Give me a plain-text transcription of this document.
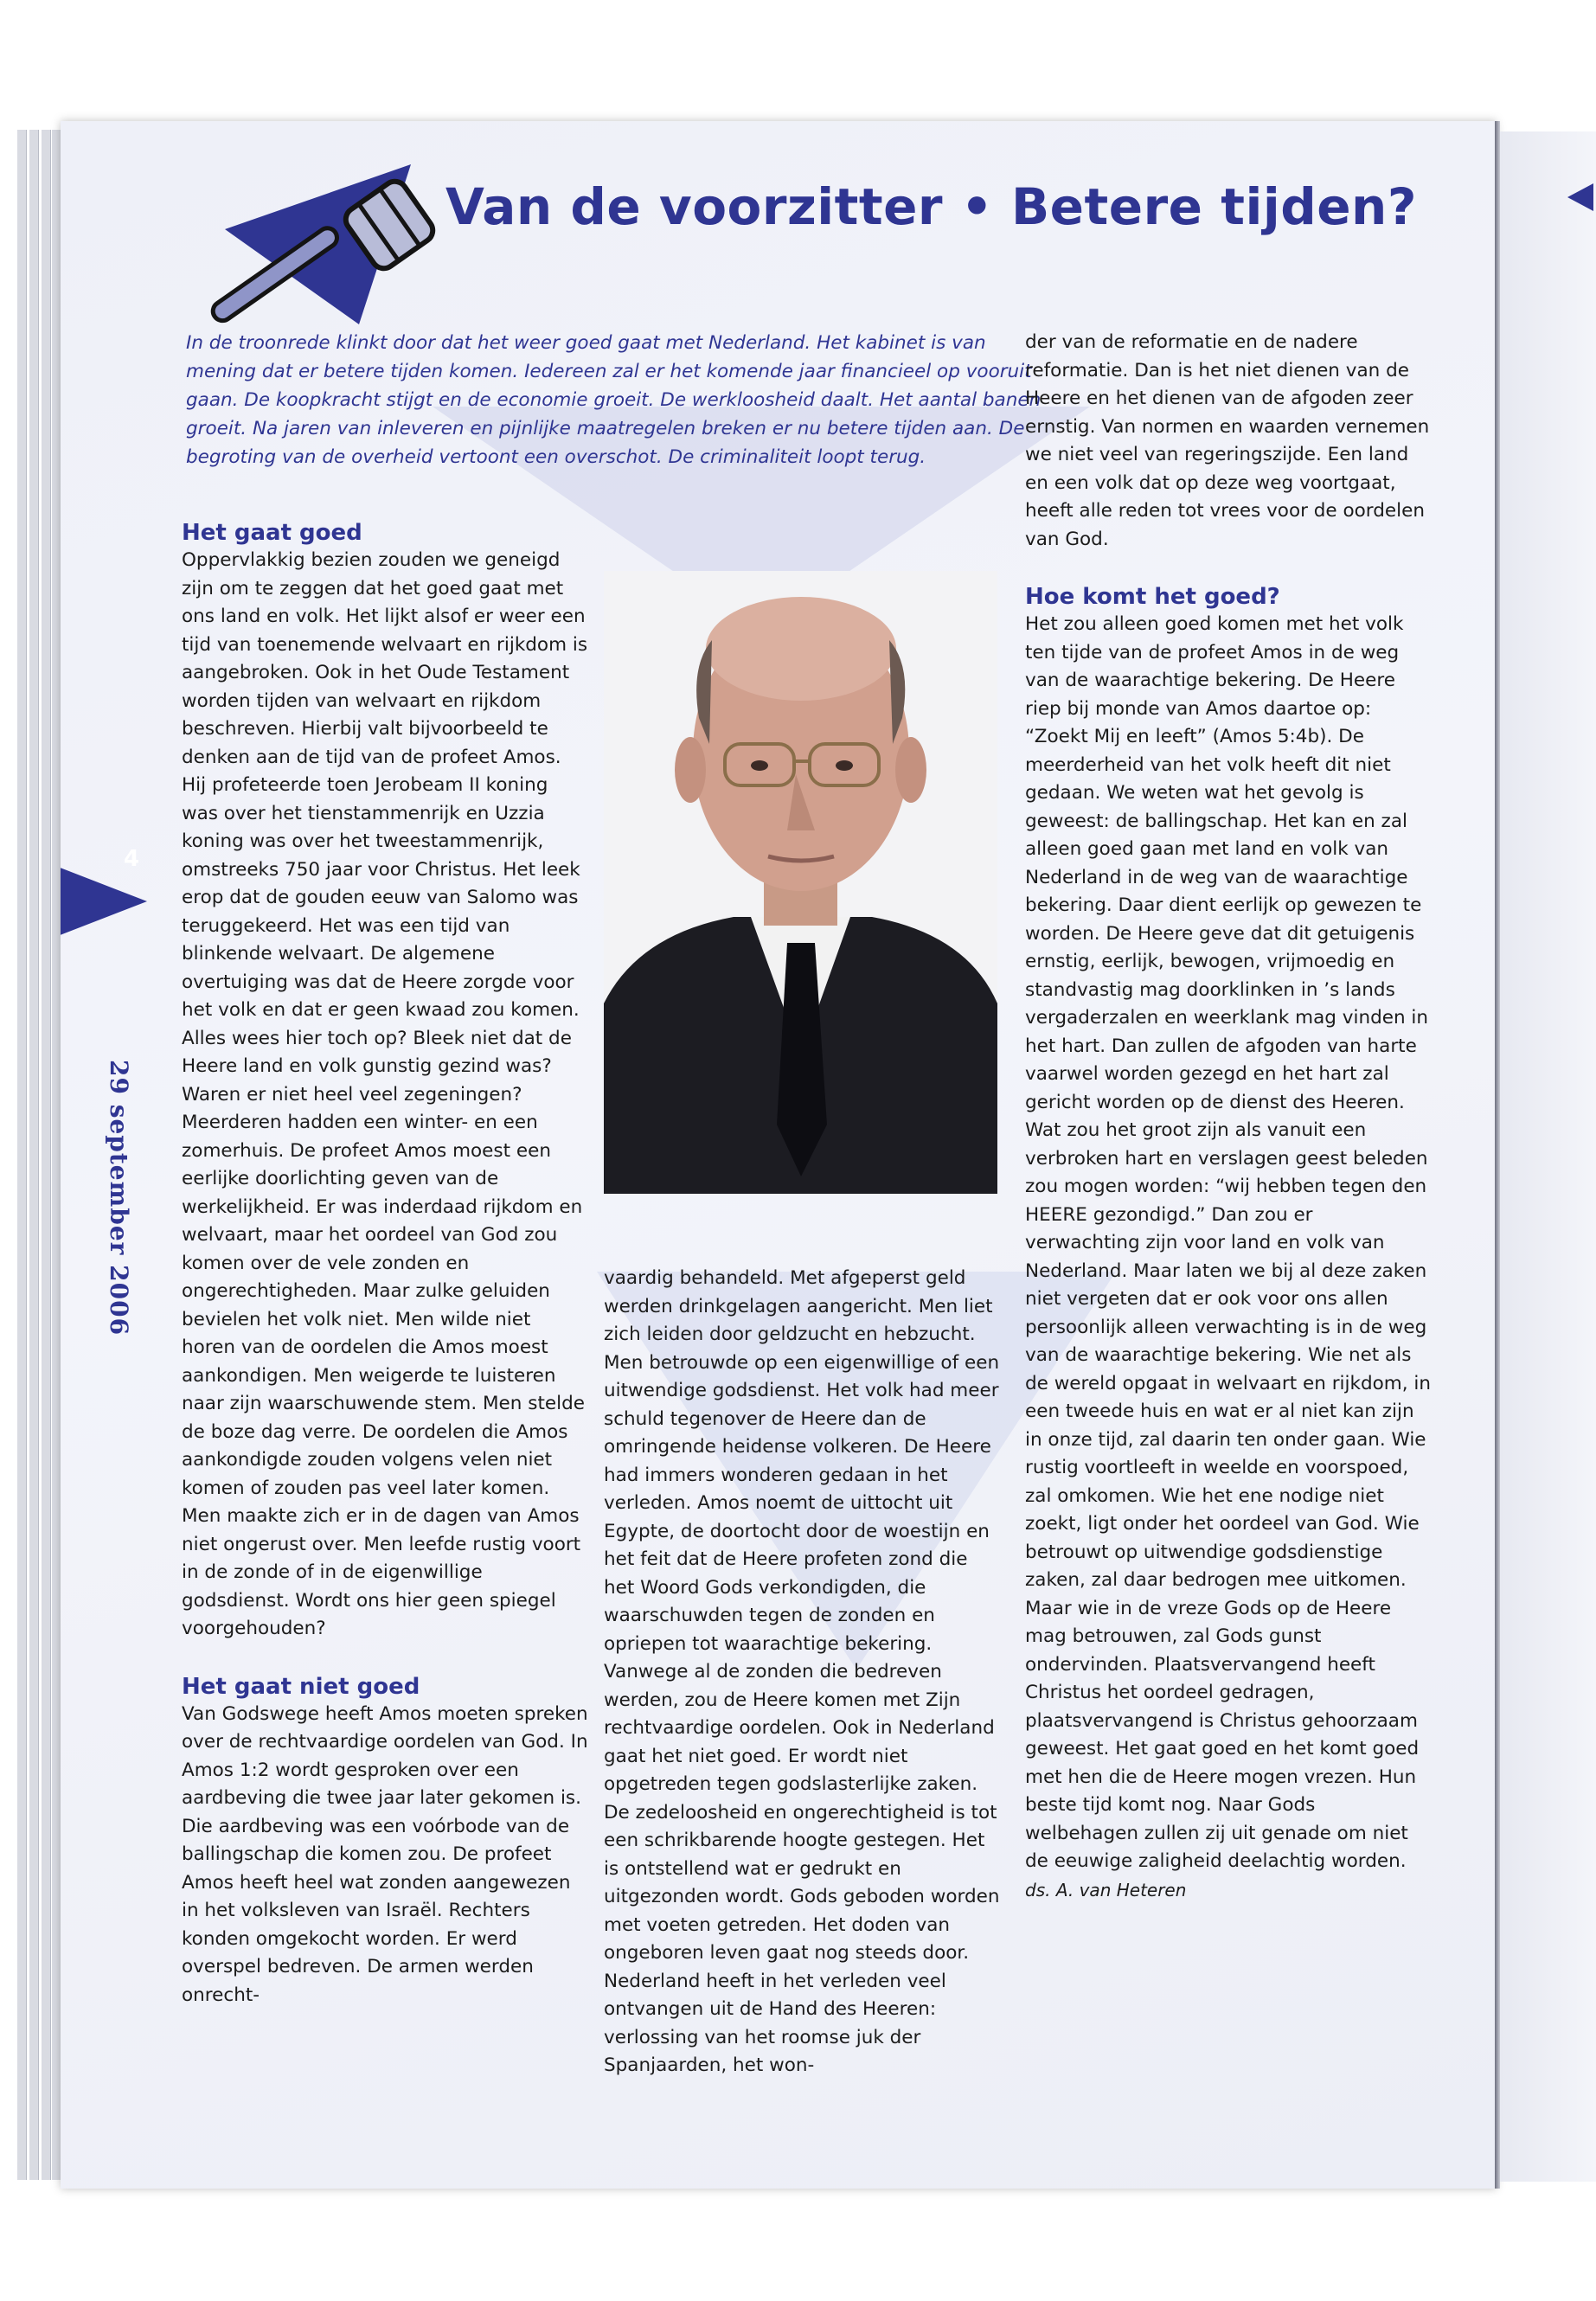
Van de voorzitter • Betere tijden?

In de troonrede klinkt door dat het weer goed gaat met Nederland. Het kabinet is van mening dat er betere tijden komen. Iedereen zal er het komende jaar financieel op vooruit gaan. De koopkracht stijgt en de economie groeit. De werkloosheid daalt. Het aantal banen groeit. Na jaren van inleveren en pijnlijke maatregelen breken er nu betere tijden aan. De begroting van de overheid vertoont een overschot. De criminaliteit loopt terug.

4
29 september 2006
Het gaat goed

Oppervlakkig bezien zouden we geneigd zijn om te zeggen dat het goed gaat met ons land en volk. Het lijkt alsof er weer een tijd van toenemende welvaart en rijkdom is aangebroken. Ook in het Oude Testament worden tijden van welvaart en rijkdom beschreven. Hierbij valt bijvoorbeeld te denken aan de tijd van de profeet Amos. Hij profeteerde toen Jerobeam II koning was over het tienstammenrijk en Uzzia koning was over het tweestammenrijk, omstreeks 750 jaar voor Christus. Het leek erop dat de gouden eeuw van Salomo was teruggekeerd. Het was een tijd van blinkende welvaart. De algemene overtuiging was dat de Heere zorgde voor het volk en dat er geen kwaad zou komen. Alles wees hier toch op? Bleek niet dat de Heere land en volk gunstig gezind was? Waren er niet heel veel zegeningen? Meerderen hadden een winter- en een zomerhuis. De profeet Amos moest een eerlijke doorlichting geven van de werkelijkheid. Er was inderdaad rijkdom en welvaart, maar het oordeel van God zou komen over de vele zonden en ongerechtigheden. Maar zulke geluiden bevielen het volk niet. Men wilde niet horen van de oordelen die Amos moest aankondigen. Men weigerde te luisteren naar zijn waarschuwende stem. Men stelde de boze dag verre. De oordelen die Amos aankondigde zouden volgens velen niet komen of zouden pas veel later komen. Men maakte zich er in de dagen van Amos niet ongerust over. Men leefde rustig voort in de zonde of in de eigenwillige godsdienst. Wordt ons hier geen spiegel voorgehouden?

Het gaat niet goed

Van Godswege heeft Amos moeten spreken over de rechtvaardige oordelen van God. In Amos 1:2 wordt gesproken over een aardbeving die twee jaar later gekomen is. Die aardbeving was een voórbode van de ballingschap die komen zou. De profeet Amos heeft heel wat zonden aangewezen in het volksleven van Israël. Rechters konden omgekocht worden. Er werd overspel bedreven. De armen werden onrecht-

vaardig behandeld. Met afgeperst geld werden drinkgelagen aangericht. Men liet zich leiden door geldzucht en hebzucht. Men betrouwde op een eigenwillige of een uitwendige godsdienst. Het volk had meer schuld tegenover de Heere dan de omringende heidense volkeren. De Heere had immers wonderen gedaan in het verleden. Amos noemt de uittocht uit Egypte, de doortocht door de woestijn en het feit dat de Heere profeten zond die het Woord Gods verkondigden, die waarschuwden tegen de zonden en opriepen tot waarachtige bekering. Vanwege al de zonden die bedreven werden, zou de Heere komen met Zijn rechtvaardige oordelen. Ook in Nederland gaat het niet goed. Er wordt niet opgetreden tegen godslasterlijke zaken. De zedeloosheid en ongerechtigheid is tot een schrikbarende hoogte gestegen. Het is ontstellend wat er gedrukt en uitgezonden wordt. Gods geboden worden met voeten getreden. Het doden van ongeboren leven gaat nog steeds door. Nederland heeft in het verleden veel ontvangen uit de Hand des Heeren: verlossing van het roomse juk der Spanjaarden, het won-

der van de reformatie en de nadere reformatie. Dan is het niet dienen van de Heere en het dienen van de afgoden zeer ernstig. Van normen en waarden vernemen we niet veel van regeringszijde. Een land en een volk dat op deze weg voortgaat, heeft alle reden tot vrees voor de oordelen van God.

Hoe komt het goed?

Het zou alleen goed komen met het volk ten tijde van de profeet Amos in de weg van de waarachtige bekering. De Heere riep bij monde van Amos daartoe op: “Zoekt Mij en leeft” (Amos 5:4b). De meerderheid van het volk heeft dit niet gedaan. We weten wat het gevolg is geweest: de ballingschap. Het kan en zal alleen goed gaan met land en volk van Nederland in de weg van de waarachtige bekering. Daar dient eerlijk op gewezen te worden. De Heere geve dat dit getuigenis ernstig, eerlijk, bewogen, vrijmoedig en standvastig mag doorklinken in ’s lands vergaderzalen en weerklank mag vinden in het hart. Dan zullen de afgoden van harte vaarwel worden gezegd en het hart zal gericht worden op de dienst des Heeren. Wat zou het groot zijn als vanuit een verbroken hart en verslagen geest beleden zou mogen worden: “wij hebben tegen den HEERE gezondigd.” Dan zou er verwachting zijn voor land en volk van Nederland. Maar laten we bij al deze zaken niet vergeten dat er ook voor ons allen persoonlijk alleen verwachting is in de weg van de waarachtige bekering. Wie net als de wereld opgaat in welvaart en rijkdom, in een tweede huis en wat er al niet kan zijn in onze tijd, zal daarin ten onder gaan. Wie rustig voortleeft in weelde en voorspoed, zal omkomen. Wie het ene nodige niet zoekt, ligt onder het oordeel van God. Wie betrouwt op uitwendige godsdienstige zaken, zal daar bedrogen mee uitkomen. Maar wie in de vreze Gods op de Heere mag betrouwen, zal Gods gunst ondervinden. Plaatsvervangend heeft Christus het oordeel gedragen, plaatsvervangend is Christus gehoorzaam geweest. Het gaat goed en het komt goed met hen die de Heere mogen vrezen. Hun beste tijd komt nog. Naar Gods welbehagen zullen zij uit genade om niet de eeuwige zaligheid deelachtig worden.

ds. A. van Heteren
